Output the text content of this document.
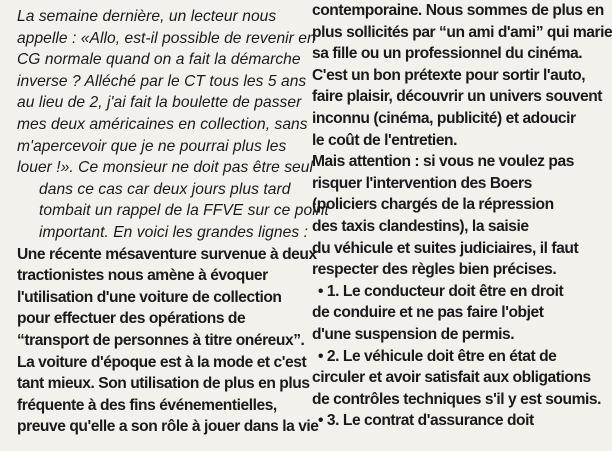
La semaine dernière, un lecteur nous
appelle : «Allo, est-il possible de revenir en
CG normale quand on a fait la démarche
inverse ? Alléché par le CT tous les 5 ans
au lieu de 2, j'ai fait la boulette de passer
mes deux américaines en collection, sans
m'apercevoir que je ne pourrai plus les
louer !». Ce monsieur ne doit pas être seul
dans ce cas car deux jours plus tard
tombait un rappel de la FFVE sur ce point
important. En voici les grandes lignes :
Une récente mésaventure survenue à deux
tractionistes nous amène à évoquer
l'utilisation d'une voiture de collection
pour effectuer des opérations de
“transport de personnes à titre onéreux”.
La voiture d'époque est à la mode et c'est
tant mieux. Son utilisation de plus en plus
fréquente à des fins événementielles,
preuve qu'elle a son rôle à jouer dans la vie
contemporaine. Nous sommes de plus en
plus sollicités par “un ami d'ami” qui marie
sa fille ou un professionnel du cinéma.
C'est un bon prétexte pour sortir l'auto,
faire plaisir, découvrir un univers souvent
inconnu (cinéma, publicité) et adoucir
le coût de l'entretien.
Mais attention : si vous ne voulez pas
risquer l'intervention des Boers
(policiers chargés de la répression
des taxis clandestins), la saisie
du véhicule et suites judiciaires, il faut
respecter des règles bien précises.
• 1. Le conducteur doit être en droit
de conduire et ne pas faire l'objet
d'une suspension de permis.
• 2. Le véhicule doit être en état de
circuler et avoir satisfait aux obligations
de contrôles techniques s'il y est soumis.
• 3. Le contrat d'assurance doit
